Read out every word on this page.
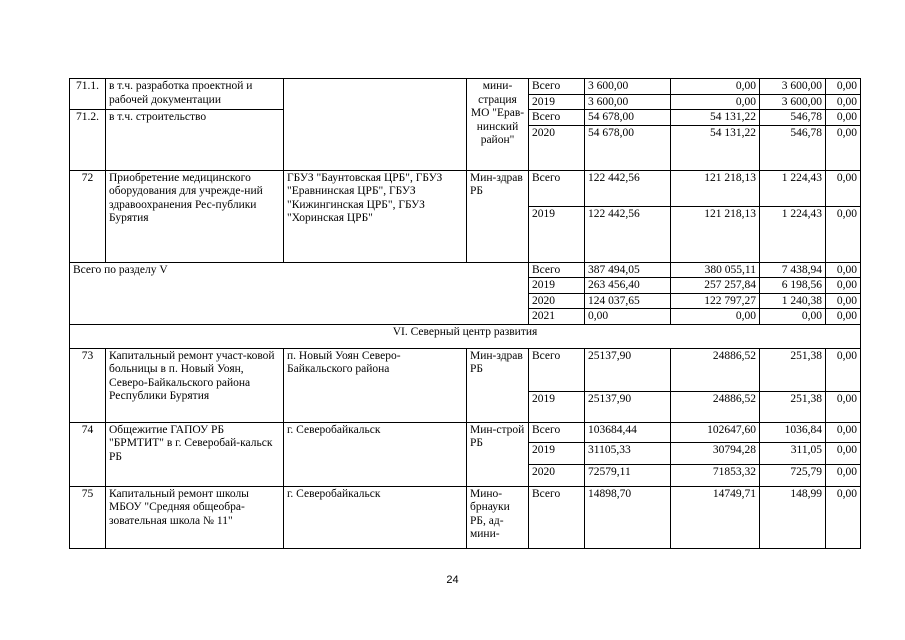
71.1.	в т.ч. разработка проектной и рабочей документации		мини-страция МО "Ерав-нинский район"	Всего	3 600,00	0,00	3 600,00	0,00
				2019	3 600,00	0,00	3 600,00	0,00
71.2.	в т.ч. строительство			Всего	54 678,00	54 131,22	546,78	0,00
				2020	54 678,00	54 131,22	546,78	0,00

72	Приобретение медицинского оборудования для учрежде-ний здравоохранения Рес-публики Бурятия	ГБУЗ "Баунтовская ЦРБ", ГБУЗ "Еравнинская ЦРБ", ГБУЗ "Кижингинская ЦРБ", ГБУЗ "Хоринская ЦРБ"	Мин-здрав РБ	Всего	122 442,56	121 218,13	1 224,43	0,00
				2019	122 442,56	121 218,13	1 224,43	0,00
Всего по разделу V				Всего	387 494,05	380 055,11	7 438,94	0,00
				2019	263 456,40	257 257,84	6 198,56	0,00
				2020	124 037,65	122 797,27	1 240,38	0,00
				2021	0,00	0,00	0,00	0,00
VI. Северный центр развития								
73	Капитальный ремонт участ-ковой больницы в п. Новый Уоян, Северо-Байкальского района Республики Бурятия	п. Новый Уоян Северо-Байкальского района	Мин-здрав РБ	Всего	25137,90	24886,52	251,38	0,00
				2019	25137,90	24886,52	251,38	0,00
74	Общежитие ГАПОУ РБ "БРМТИТ" в г. Северобай-кальск РБ	г. Северобайкальск	Мин-строй РБ	Всего	103684,44	102647,60	1036,84	0,00
				2019	31105,33	30794,28	311,05	0,00
				2020	72579,11	71853,32	725,79	0,00
75	Капитальный ремонт школы МБОУ "Средняя общеобра-зовательная школа № 11"	г. Северобайкальск	Мино-брнауки РБ, ад-мини-	Всего	14898,70	14749,71	148,99	0,00
24
